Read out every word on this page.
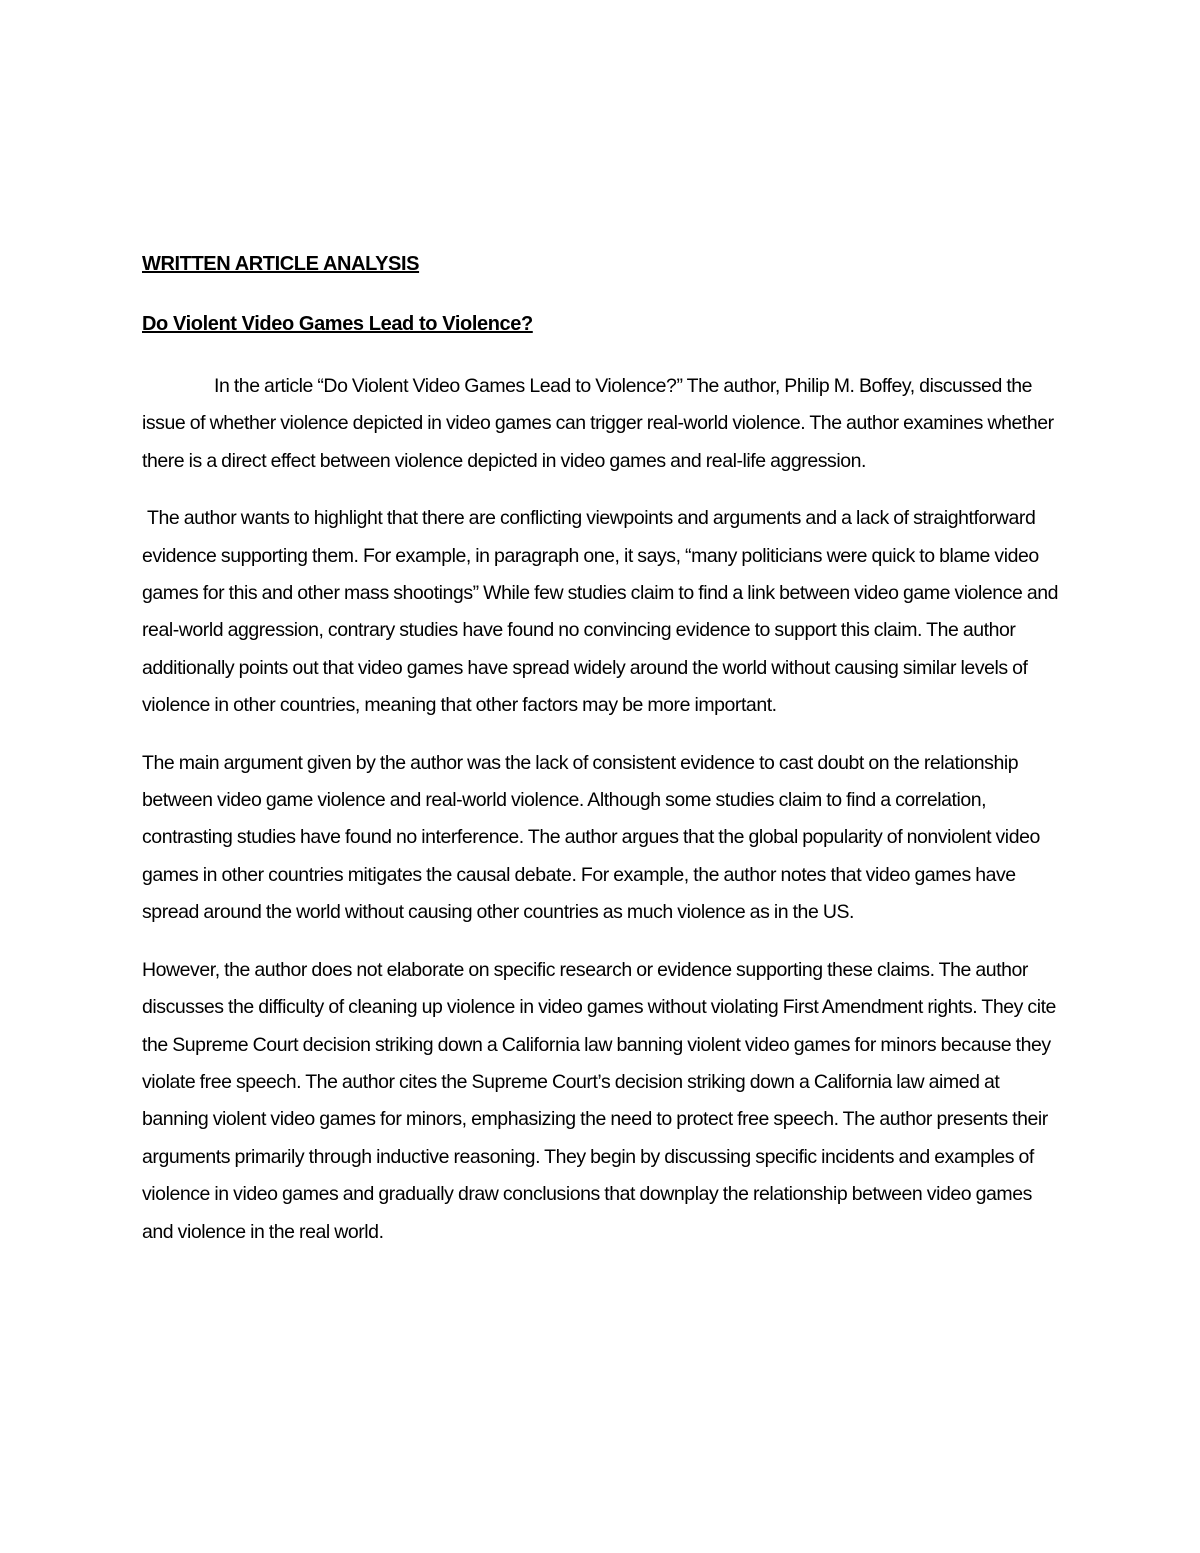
WRITTEN ARTICLE ANALYSIS
Do Violent Video Games Lead to Violence?

In the article “Do Violent Video Games Lead to Violence?” The author, Philip M. Boffey, discussed the issue of whether violence depicted in video games can trigger real-world violence. The author examines whether there is a direct effect between violence depicted in video games and real-life aggression.

The author wants to highlight that there are conflicting viewpoints and arguments and a lack of straightforward evidence supporting them. For example, in paragraph one, it says, “many politicians were quick to blame video games for this and other mass shootings” While few studies claim to find a link between video game violence and real-world aggression, contrary studies have found no convincing evidence to support this claim. The author additionally points out that video games have spread widely around the world without causing similar levels of violence in other countries, meaning that other factors may be more important.

The main argument given by the author was the lack of consistent evidence to cast doubt on the relationship between video game violence and real-world violence. Although some studies claim to find a correlation, contrasting studies have found no interference. The author argues that the global popularity of nonviolent video games in other countries mitigates the causal debate. For example, the author notes that video games have spread around the world without causing other countries as much violence as in the US.

However, the author does not elaborate on specific research or evidence supporting these claims. The author discusses the difficulty of cleaning up violence in video games without violating First Amendment rights. They cite the Supreme Court decision striking down a California law banning violent video games for minors because they violate free speech. The author cites the Supreme Court’s decision striking down a California law aimed at banning violent video games for minors, emphasizing the need to protect free speech. The author presents their arguments primarily through inductive reasoning. They begin by discussing specific incidents and examples of violence in video games and gradually draw conclusions that downplay the relationship between video games and violence in the real world.
